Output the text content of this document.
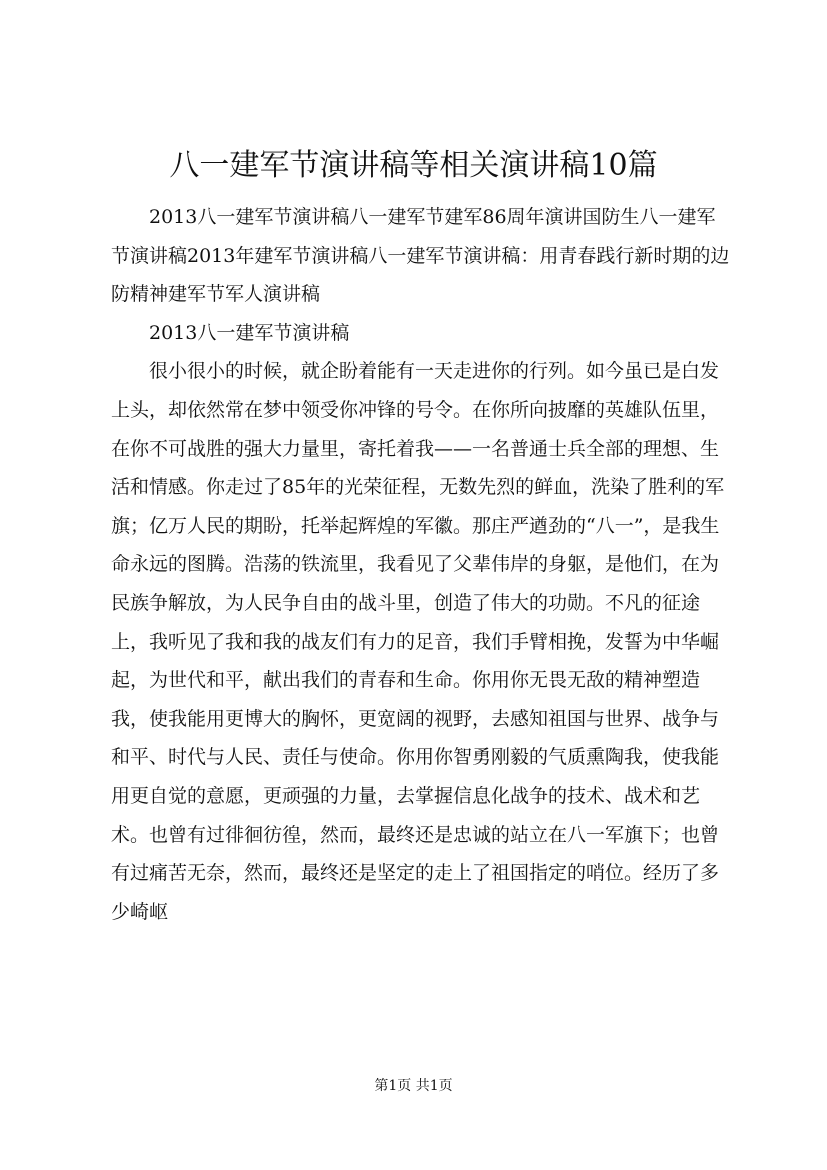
八一建军节演讲稿等相关演讲稿10篇

2013八一建军节演讲稿八一建军节建军86周年演讲国防生八一建军节演讲稿2013年建军节演讲稿八一建军节演讲稿：用青春践行新时期的边防精神建军节军人演讲稿

2013八一建军节演讲稿

很小很小的时候，就企盼着能有一天走进你的行列。如今虽已是白发上头，却依然常在梦中领受你冲锋的号令。在你所向披靡的英雄队伍里，在你不可战胜的强大力量里，寄托着我——一名普通士兵全部的理想、生活和情感。你走过了85年的光荣征程，无数先烈的鲜血，洗染了胜利的军旗；亿万人民的期盼，托举起辉煌的军徽。那庄严遒劲的“八一”，是我生命永远的图腾。浩荡的铁流里，我看见了父辈伟岸的身躯，是他们，在为民族争解放，为人民争自由的战斗里，创造了伟大的功勋。不凡的征途上，我听见了我和我的战友们有力的足音，我们手臂相挽，发誓为中华崛起，为世代和平，献出我们的青春和生命。你用你无畏无敌的精神塑造我，使我能用更博大的胸怀，更宽阔的视野，去感知祖国与世界、战争与和平、时代与人民、责任与使命。你用你智勇刚毅的气质熏陶我，使我能用更自觉的意愿，更顽强的力量，去掌握信息化战争的技术、战术和艺术。也曾有过徘徊彷徨，然而，最终还是忠诚的站立在八一军旗下；也曾有过痛苦无奈，然而，最终还是坚定的走上了祖国指定的哨位。经历了多少崎岖

第1页 共1页
